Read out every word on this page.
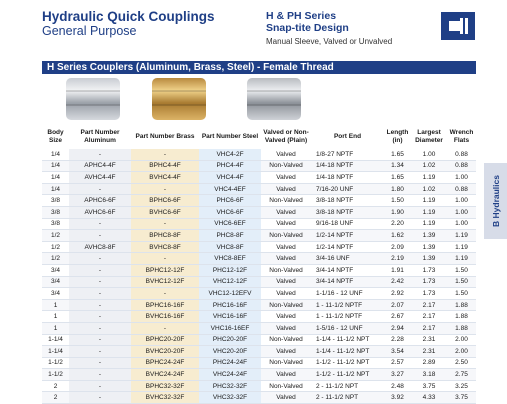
Hydraulic Quick Couplings
General Purpose
H & PH Series
Snap-tite Design
Manual Sleeve, Valved or Unvalved
B Hydraulics
H Series Couplers (Aluminum, Brass, Steel) - Female Thread
Body Size	Part Number Aluminum	Part Number Brass	Part Number Steel	Valved or Non-Valved (Plain)	Port End	Length (in)	Largest Diameter	Wrench Flats
1/4	-	-	VHC4-2F	Valved	1/8-27 NPTF	1.65	1.00	0.88
1/4	APHC4-4F	BPHC4-4F	PHC4-4F	Non-Valved	1/4-18 NPTF	1.34	1.02	0.88
1/4	AVHC4-4F	BVHC4-4F	VHC4-4F	Valved	1/4-18 NPTF	1.65	1.19	1.00
1/4	-	-	VHC4-4EF	Valved	7/16-20 UNF	1.80	1.02	0.88
3/8	APHC6-6F	BPHC6-6F	PHC6-6F	Non-Valved	3/8-18 NPTF	1.50	1.19	1.00
3/8	AVHC6-6F	BVHC6-6F	VHC6-6F	Valved	3/8-18 NPTF	1.90	1.19	1.00
3/8	-	-	VHC6-6EF	Valved	9/16-18 UNF	2.20	1.19	1.00
1/2	-	BPHC8-8F	PHC8-8F	Non-Valved	1/2-14 NPTF	1.62	1.39	1.19
1/2	AVHC8-8F	BVHC8-8F	VHC8-8F	Valved	1/2-14 NPTF	2.09	1.39	1.19
1/2	-	-	VHC8-8EF	Valved	3/4-16 UNF	2.19	1.39	1.19
3/4	-	BPHC12-12F	PHC12-12F	Non-Valved	3/4-14 NPTF	1.91	1.73	1.50
3/4	-	BVHC12-12F	VHC12-12F	Valved	3/4-14 NPTF	2.42	1.73	1.50
3/4	-	-	VHC12-12EFV	Valved	1-1/16 - 12 UNF	2.92	1.73	1.50
1	-	BPHC16-16F	PHC16-16F	Non-Valved	1 - 11-1/2 NPTF	2.07	2.17	1.88
1	-	BVHC16-16F	VHC16-16F	Valved	1 - 11-1/2 NPTF	2.67	2.17	1.88
1	-	-	VHC16-16EF	Valved	1-5/16 - 12 UNF	2.94	2.17	1.88
1-1/4	-	BPHC20-20F	PHC20-20F	Non-Valved	1-1/4 - 11-1/2 NPT	2.28	2.31	2.00
1-1/4	-	BVHC20-20F	VHC20-20F	Valved	1-1/4 - 11-1/2 NPT	3.54	2.31	2.00
1-1/2	-	BPHC24-24F	PHC24-24F	Non-Valved	1-1/2 - 11-1/2 NPT	2.57	2.89	2.50
1-1/2	-	BVHC24-24F	VHC24-24F	Valved	1-1/2 - 11-1/2 NPT	3.27	3.18	2.75
2	-	BPHC32-32F	PHC32-32F	Non-Valved	2 - 11-1/2 NPT	2.48	3.75	3.25
2	-	BVHC32-32F	VHC32-32F	Valved	2 - 11-1/2 NPT	3.92	4.33	3.75
